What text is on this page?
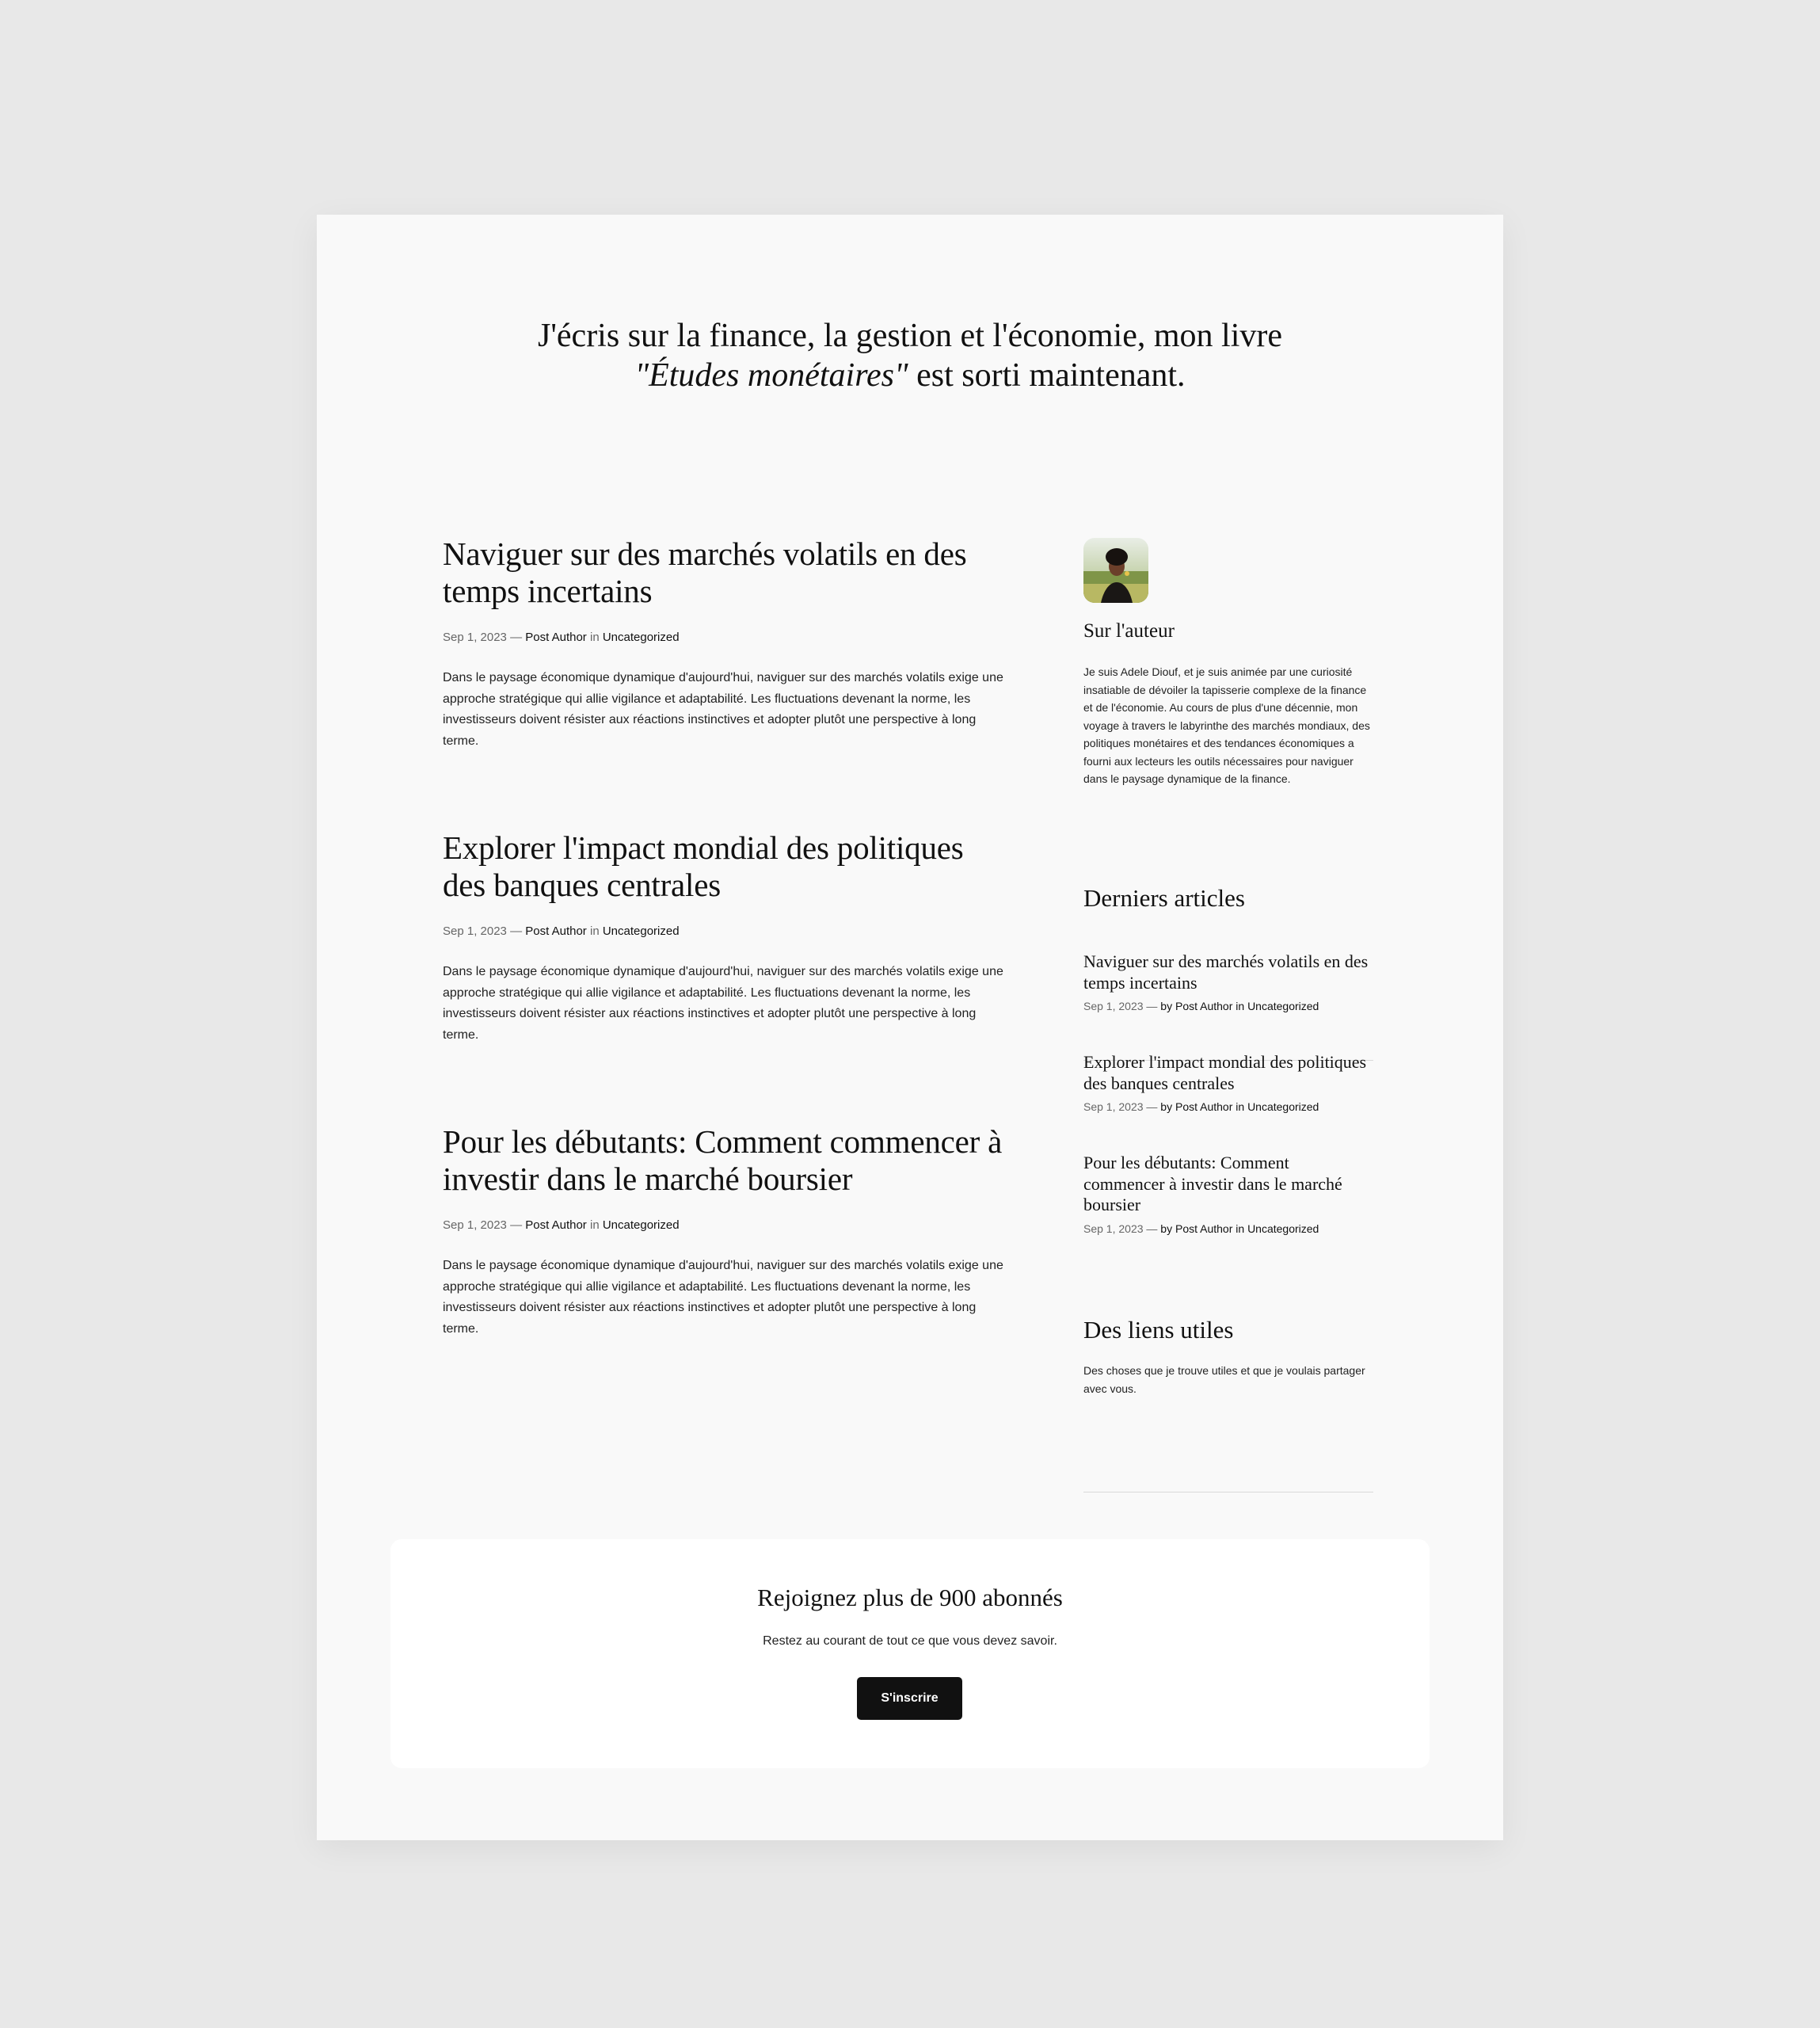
J'écris sur la finance, la gestion et l'économie, mon livre
"Études monétaires" est sorti maintenant.
Naviguer sur des marchés volatils en des temps incertains
Sep 1, 2023 — Post Author in Uncategorized

Dans le paysage économique dynamique d'aujourd'hui, naviguer sur des marchés volatils exige une approche stratégique qui allie vigilance et adaptabilité. Les fluctuations devenant la norme, les investisseurs doivent résister aux réactions instinctives et adopter plutôt une perspective à long terme.

Explorer l'impact mondial des politiques des banques centrales
Sep 1, 2023 — Post Author in Uncategorized

Dans le paysage économique dynamique d'aujourd'hui, naviguer sur des marchés volatils exige une approche stratégique qui allie vigilance et adaptabilité. Les fluctuations devenant la norme, les investisseurs doivent résister aux réactions instinctives et adopter plutôt une perspective à long terme.

Pour les débutants: Comment commencer à investir dans le marché boursier
Sep 1, 2023 — Post Author in Uncategorized

Dans le paysage économique dynamique d'aujourd'hui, naviguer sur des marchés volatils exige une approche stratégique qui allie vigilance et adaptabilité. Les fluctuations devenant la norme, les investisseurs doivent résister aux réactions instinctives et adopter plutôt une perspective à long terme.

Sur l'auteur

Je suis Adele Diouf, et je suis animée par une curiosité insatiable de dévoiler la tapisserie complexe de la finance et de l'économie. Au cours de plus d'une décennie, mon voyage à travers le labyrinthe des marchés mondiaux, des politiques monétaires et des tendances économiques a fourni aux lecteurs les outils nécessaires pour naviguer dans le paysage dynamique de la finance.

Derniers articles
Naviguer sur des marchés volatils en des temps incertains
Sep 1, 2023 — by Post Author in Uncategorized
Explorer l'impact mondial des politiques des banques centrales
Sep 1, 2023 — by Post Author in Uncategorized
Pour les débutants: Comment commencer à investir dans le marché boursier
Sep 1, 2023 — by Post Author in Uncategorized
Des liens utiles

Des choses que je trouve utiles et que je voulais partager avec vous.

Rejoignez plus de 900 abonnés
Restez au courant de tout ce que vous devez savoir.
S'inscrire
